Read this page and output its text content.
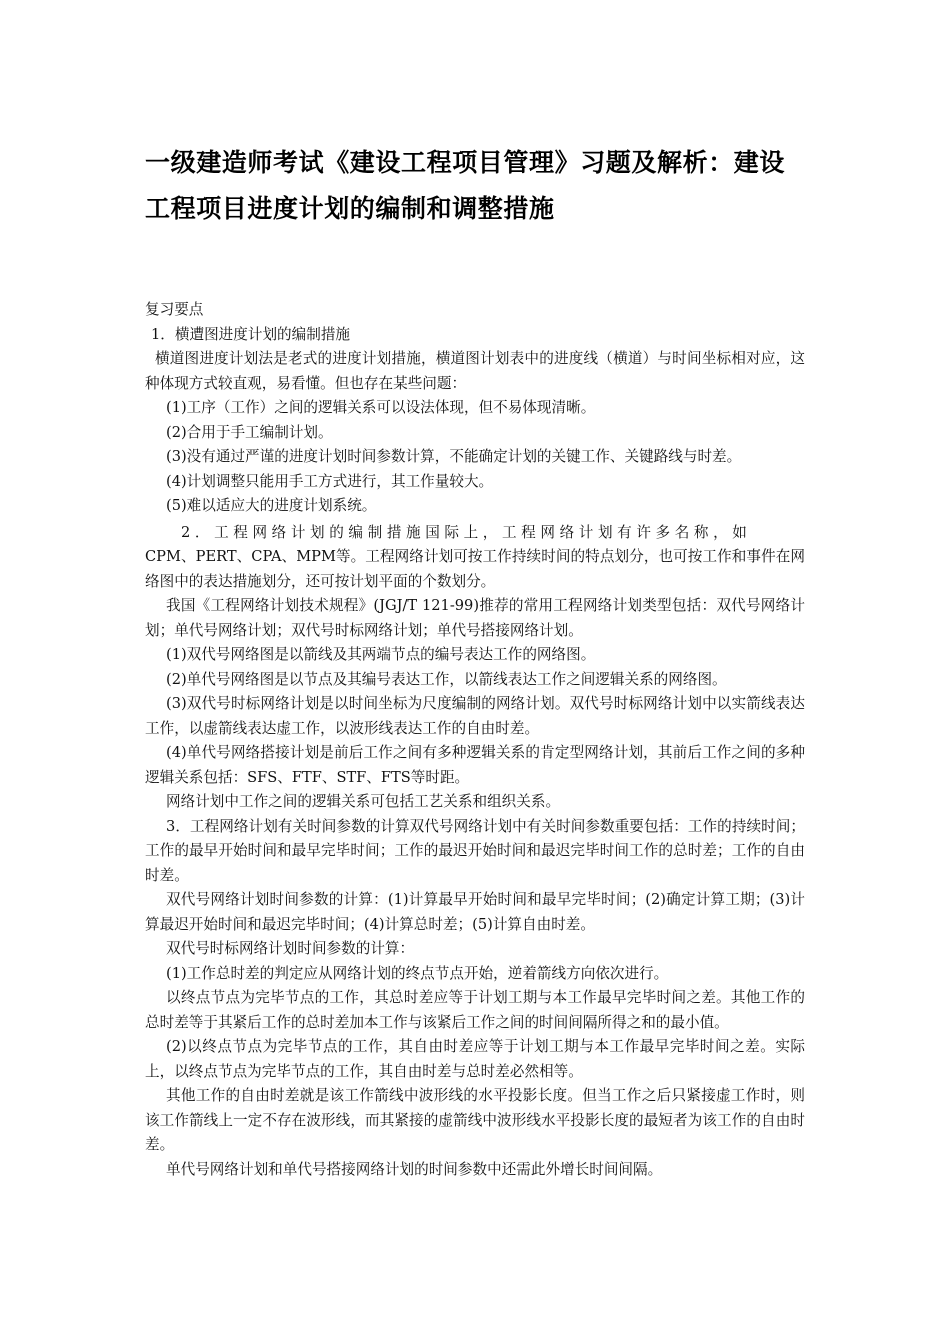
一级建造师考试《建设工程项目管理》习题及解析：建设
工程项目进度计划的编制和调整措施

复习要点

1．横遭图进度计划的编制措施

横道图进度计划法是老式的进度计划措施，横道图计划表中的进度线（横道）与时间坐标相对应，这种体现方式较直观，易看懂。但也存在某些问题：

(1)工序（工作）之间的逻辑关系可以设法体现，但不易体现清晰。

(2)合用于手工编制计划。

(3)没有通过严谨的进度计划时间参数计算，不能确定计划的关键工作、关键路线与时差。

(4)计划调整只能用手工方式进行，其工作量较大。

(5)难以适应大的进度计划系统。

2．工程网络计划的编制措施国际上，工程网络计划有许多名称，如

CPM、PERT、CPA、MPM等。工程网络计划可按工作持续时间的特点划分，也可按工作和事件在网络图中的表达措施划分，还可按计划平面的个数划分。

我国《工程网络计划技术规程》(JGJ/T 121-99)推荐的常用工程网络计划类型包括：双代号网络计划；单代号网络计划；双代号时标网络计划；单代号搭接网络计划。

(1)双代号网络图是以箭线及其两端节点的编号表达工作的网络图。

(2)单代号网络图是以节点及其编号表达工作，以箭线表达工作之间逻辑关系的网络图。

(3)双代号时标网络计划是以时间坐标为尺度编制的网络计划。双代号时标网络计划中以实箭线表达工作，以虚箭线表达虚工作，以波形线表达工作的自由时差。

(4)单代号网络搭接计划是前后工作之间有多种逻辑关系的肯定型网络计划，其前后工作之间的多种逻辑关系包括：SFS、FTF、STF、FTS等时距。

网络计划中工作之间的逻辑关系可包括工艺关系和组织关系。

3．工程网络计划有关时间参数的计算双代号网络计划中有关时间参数重要包括：工作的持续时间；工作的最早开始时间和最早完毕时间；工作的最迟开始时间和最迟完毕时间工作的总时差；工作的自由时差。

双代号网络计划时间参数的计算：(1)计算最早开始时间和最早完毕时间；(2)确定计算工期；(3)计算最迟开始时间和最迟完毕时间；(4)计算总时差；(5)计算自由时差。

双代号时标网络计划时间参数的计算：

(1)工作总时差的判定应从网络计划的终点节点开始，逆着箭线方向依次进行。

以终点节点为完毕节点的工作，其总时差应等于计划工期与本工作最早完毕时间之差。其他工作的总时差等于其紧后工作的总时差加本工作与该紧后工作之间的时间间隔所得之和的最小值。

(2)以终点节点为完毕节点的工作，其自由时差应等于计划工期与本工作最早完毕时间之差。实际上，以终点节点为完毕节点的工作，其自由时差与总时差必然相等。

其他工作的自由时差就是该工作箭线中波形线的水平投影长度。但当工作之后只紧接虚工作时，则该工作箭线上一定不存在波形线，而其紧接的虚箭线中波形线水平投影长度的最短者为该工作的自由时差。

单代号网络计划和单代号搭接网络计划的时间参数中还需此外增长时间间隔。
